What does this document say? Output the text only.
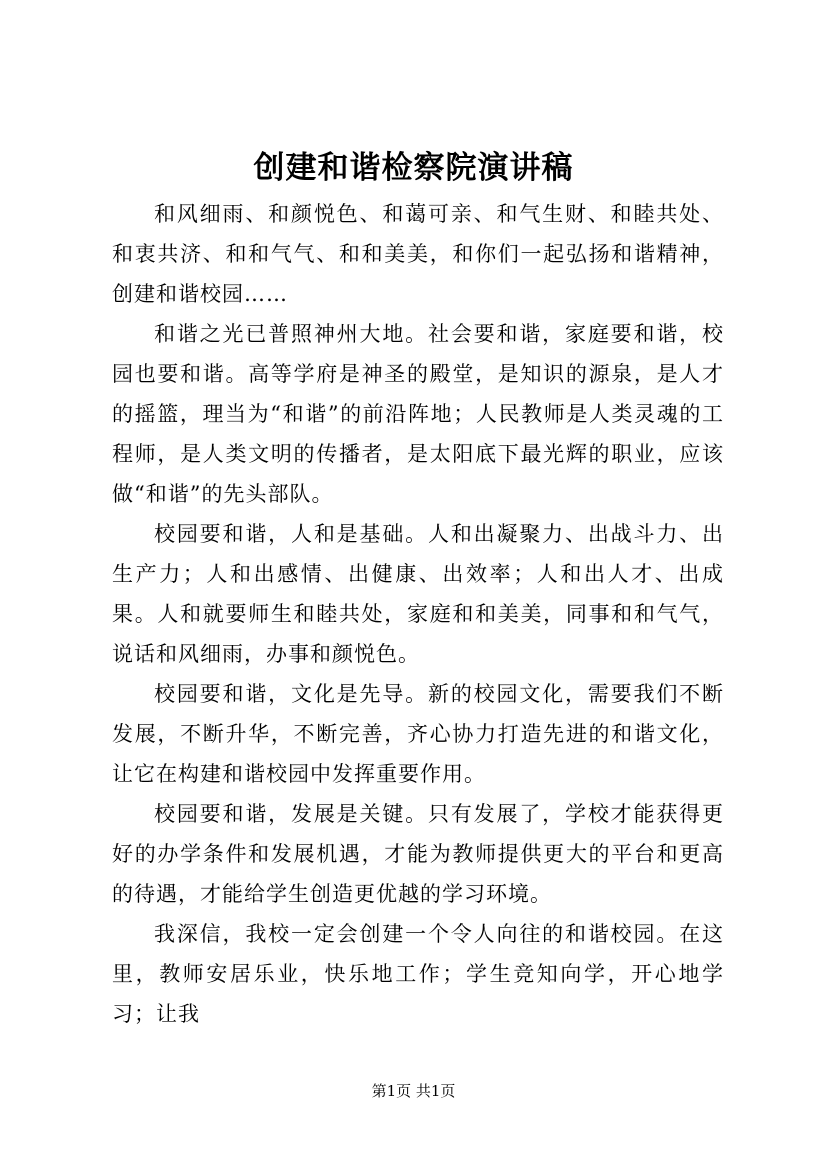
创建和谐检察院演讲稿

和风细雨、和颜悦色、和蔼可亲、和气生财、和睦共处、和衷共济、和和气气、和和美美，和你们一起弘扬和谐精神，创建和谐校园……

和谐之光已普照神州大地。社会要和谐，家庭要和谐，校园也要和谐。高等学府是神圣的殿堂，是知识的源泉，是人才的摇篮，理当为“和谐”的前沿阵地；人民教师是人类灵魂的工程师，是人类文明的传播者，是太阳底下最光辉的职业，应该做“和谐”的先头部队。

校园要和谐，人和是基础。人和出凝聚力、出战斗力、出生产力；人和出感情、出健康、出效率；人和出人才、出成果。人和就要师生和睦共处，家庭和和美美，同事和和气气，说话和风细雨，办事和颜悦色。

校园要和谐，文化是先导。新的校园文化，需要我们不断发展，不断升华，不断完善，齐心协力打造先进的和谐文化，让它在构建和谐校园中发挥重要作用。

校园要和谐，发展是关键。只有发展了，学校才能获得更好的办学条件和发展机遇，才能为教师提供更大的平台和更高的待遇，才能给学生创造更优越的学习环境。

我深信，我校一定会创建一个令人向往的和谐校园。在这里，教师安居乐业，快乐地工作；学生竞知向学，开心地学习；让我

第1页 共1页
